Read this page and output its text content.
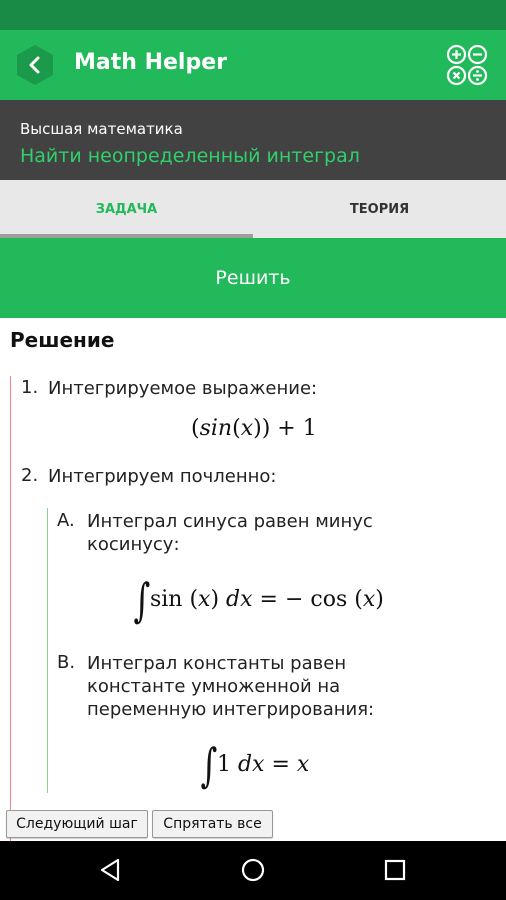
Math Helper
Высшая математика
Найти неопределенный интеграл
ЗАДАЧА	ТЕОРИЯ
Решить
Решение
1. Интегрируемое выражение:
(sin(x)) + 1
2. Интегрируем почленно:
A. Интеграл синуса равен минус
косинусу:
∫sin (x) dx = − cos (x)
B. Интеграл константы равен
константе умноженной на
переменную интегрирования:
∫1 dx = x
Следующий шаг	Спрятать все
